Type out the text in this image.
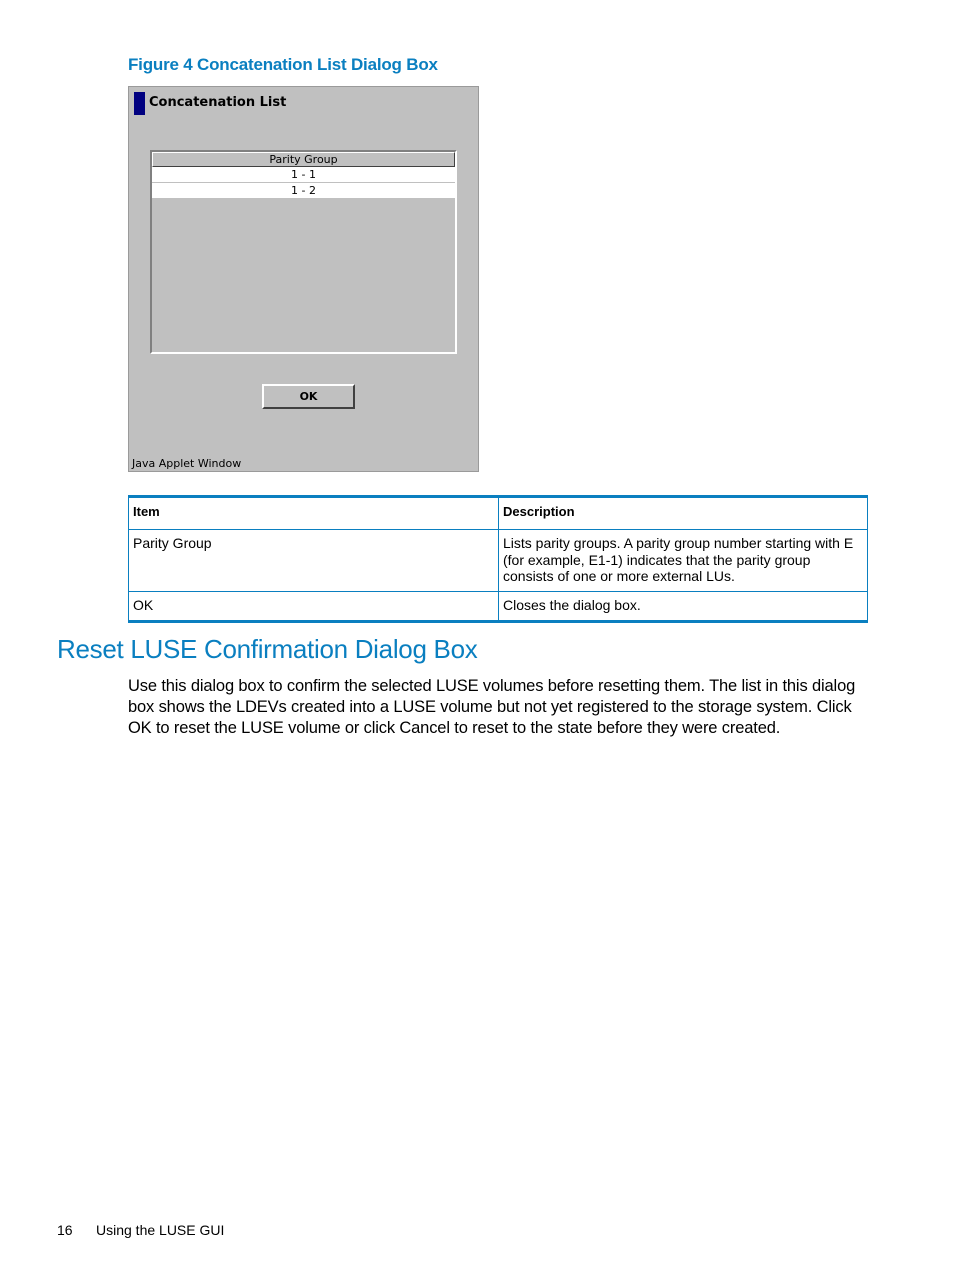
Figure 4 Concatenation List Dialog Box
Concatenation List
Parity Group
1 - 1
1 - 2
OK
Java Applet Window
Item	Description
Parity Group	Lists parity groups. A parity group number starting with E (for example, E1-1) indicates that the parity group consists of one or more external LUs.
OK	Closes the dialog box.
Reset LUSE Confirmation Dialog Box

Use this dialog box to confirm the selected LUSE volumes before resetting them. The list in this dialog box shows the LDEVs created into a LUSE volume but not yet registered to the storage system. Click OK to reset the LUSE volume or click Cancel to reset to the state before they were created.

16 Using the LUSE GUI
